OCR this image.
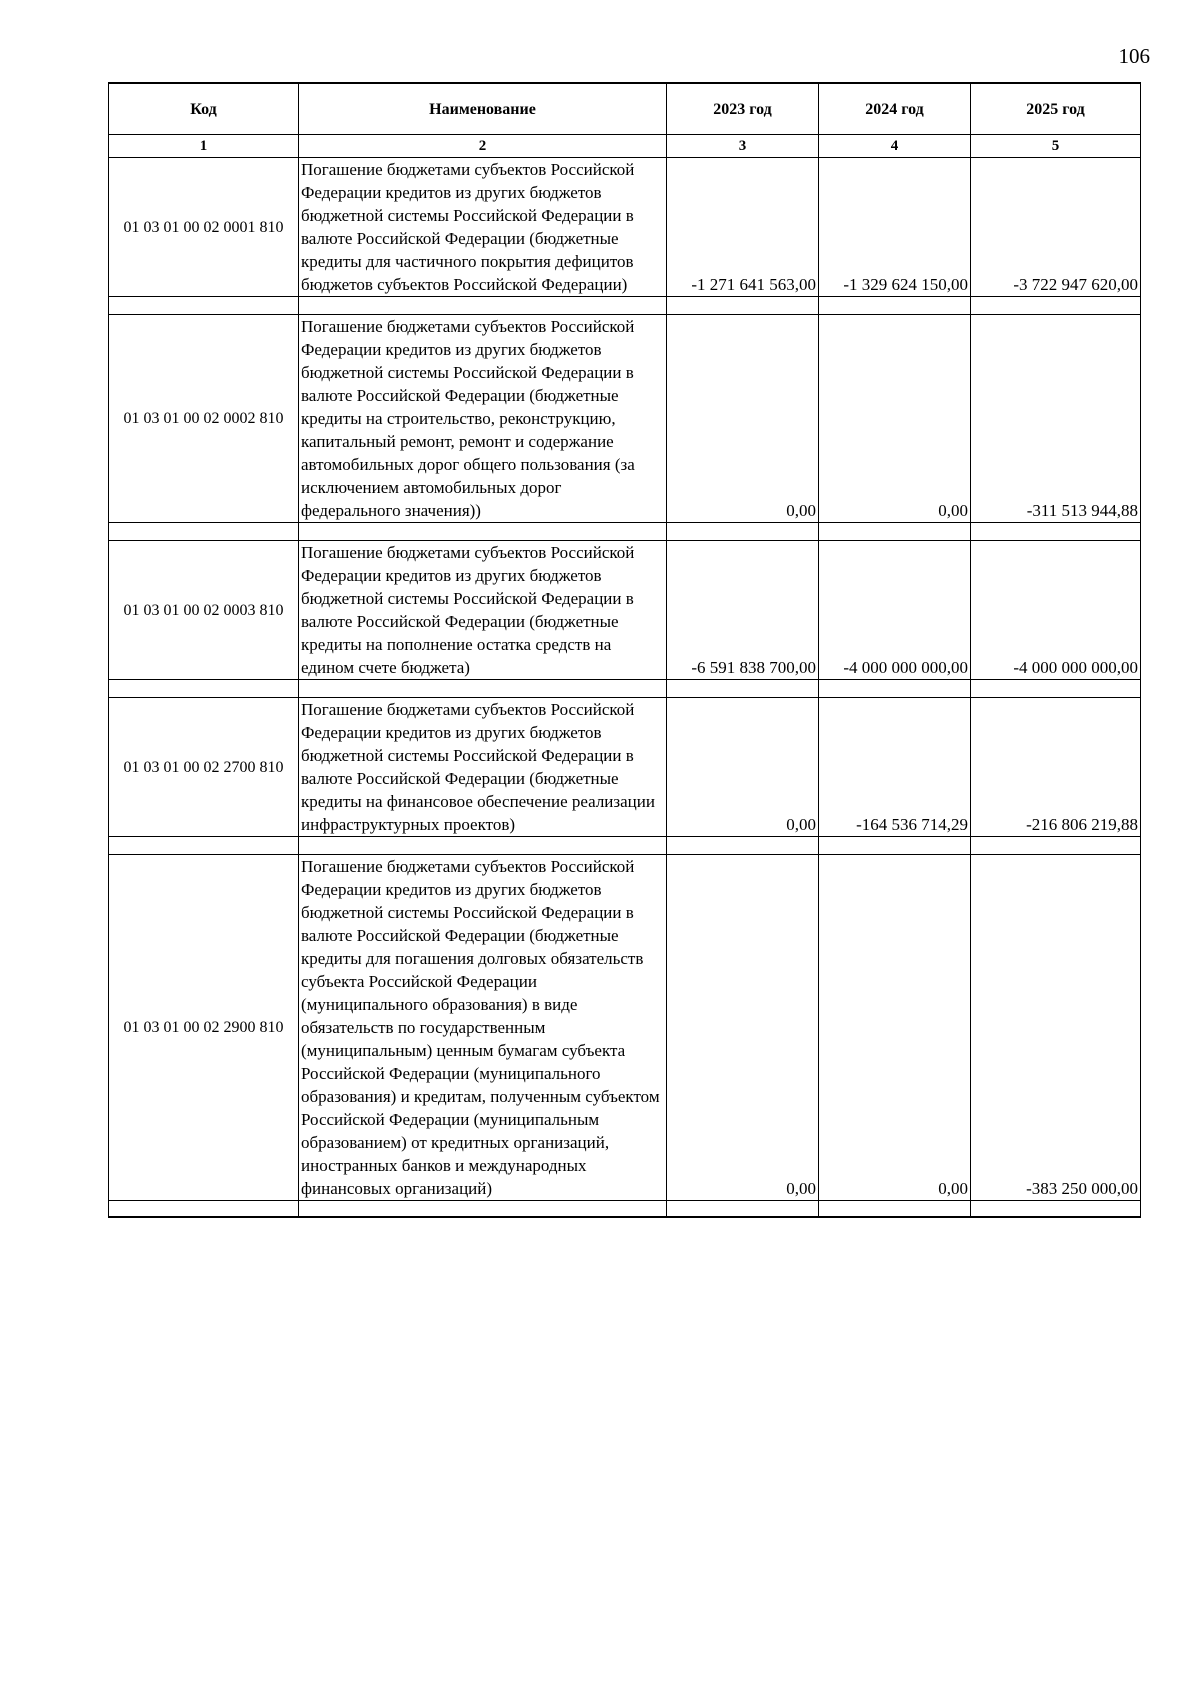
106
Код	Наименование	2023 год	2024 год	2025 год
1	2	3	4	5
01 03 01 00 02 0001 810	Погашение бюджетами субъектов Российской Федерации кредитов из других бюджетов бюджетной системы Российской Федерации в валюте Российской Федерации (бюджетные кредиты для частичного покрытия дефицитов бюджетов субъектов Российской Федерации)	-1 271 641 563,00	-1 329 624 150,00	-3 722 947 620,00

01 03 01 00 02 0002 810	Погашение бюджетами субъектов Российской Федерации кредитов из других бюджетов бюджетной системы Российской Федерации в валюте Российской Федерации (бюджетные кредиты на строительство, реконструкцию, капитальный ремонт, ремонт и содержание автомобильных дорог общего пользования (за исключением автомобильных дорог федерального значения))	0,00	0,00	-311 513 944,88

01 03 01 00 02 0003 810	Погашение бюджетами субъектов Российской Федерации кредитов из других бюджетов бюджетной системы Российской Федерации в валюте Российской Федерации (бюджетные кредиты на пополнение остатка средств на едином счете бюджета)	-6 591 838 700,00	-4 000 000 000,00	-4 000 000 000,00

01 03 01 00 02 2700 810	Погашение бюджетами субъектов Российской Федерации кредитов из других бюджетов бюджетной системы Российской Федерации в валюте Российской Федерации (бюджетные кредиты на финансовое обеспечение реализации инфраструктурных проектов)	0,00	-164 536 714,29	-216 806 219,88

01 03 01 00 02 2900 810	Погашение бюджетами субъектов Российской Федерации кредитов из других бюджетов бюджетной системы Российской Федерации в валюте Российской Федерации (бюджетные кредиты для погашения долговых обязательств субъекта Российской Федерации (муниципального образования) в виде обязательств по государственным (муниципальным) ценным бумагам субъекта Российской Федерации (муниципального образования) и кредитам, полученным субъектом Российской Федерации (муниципальным образованием) от кредитных организаций, иностранных банков и международных финансовых организаций)	0,00	0,00	-383 250 000,00
